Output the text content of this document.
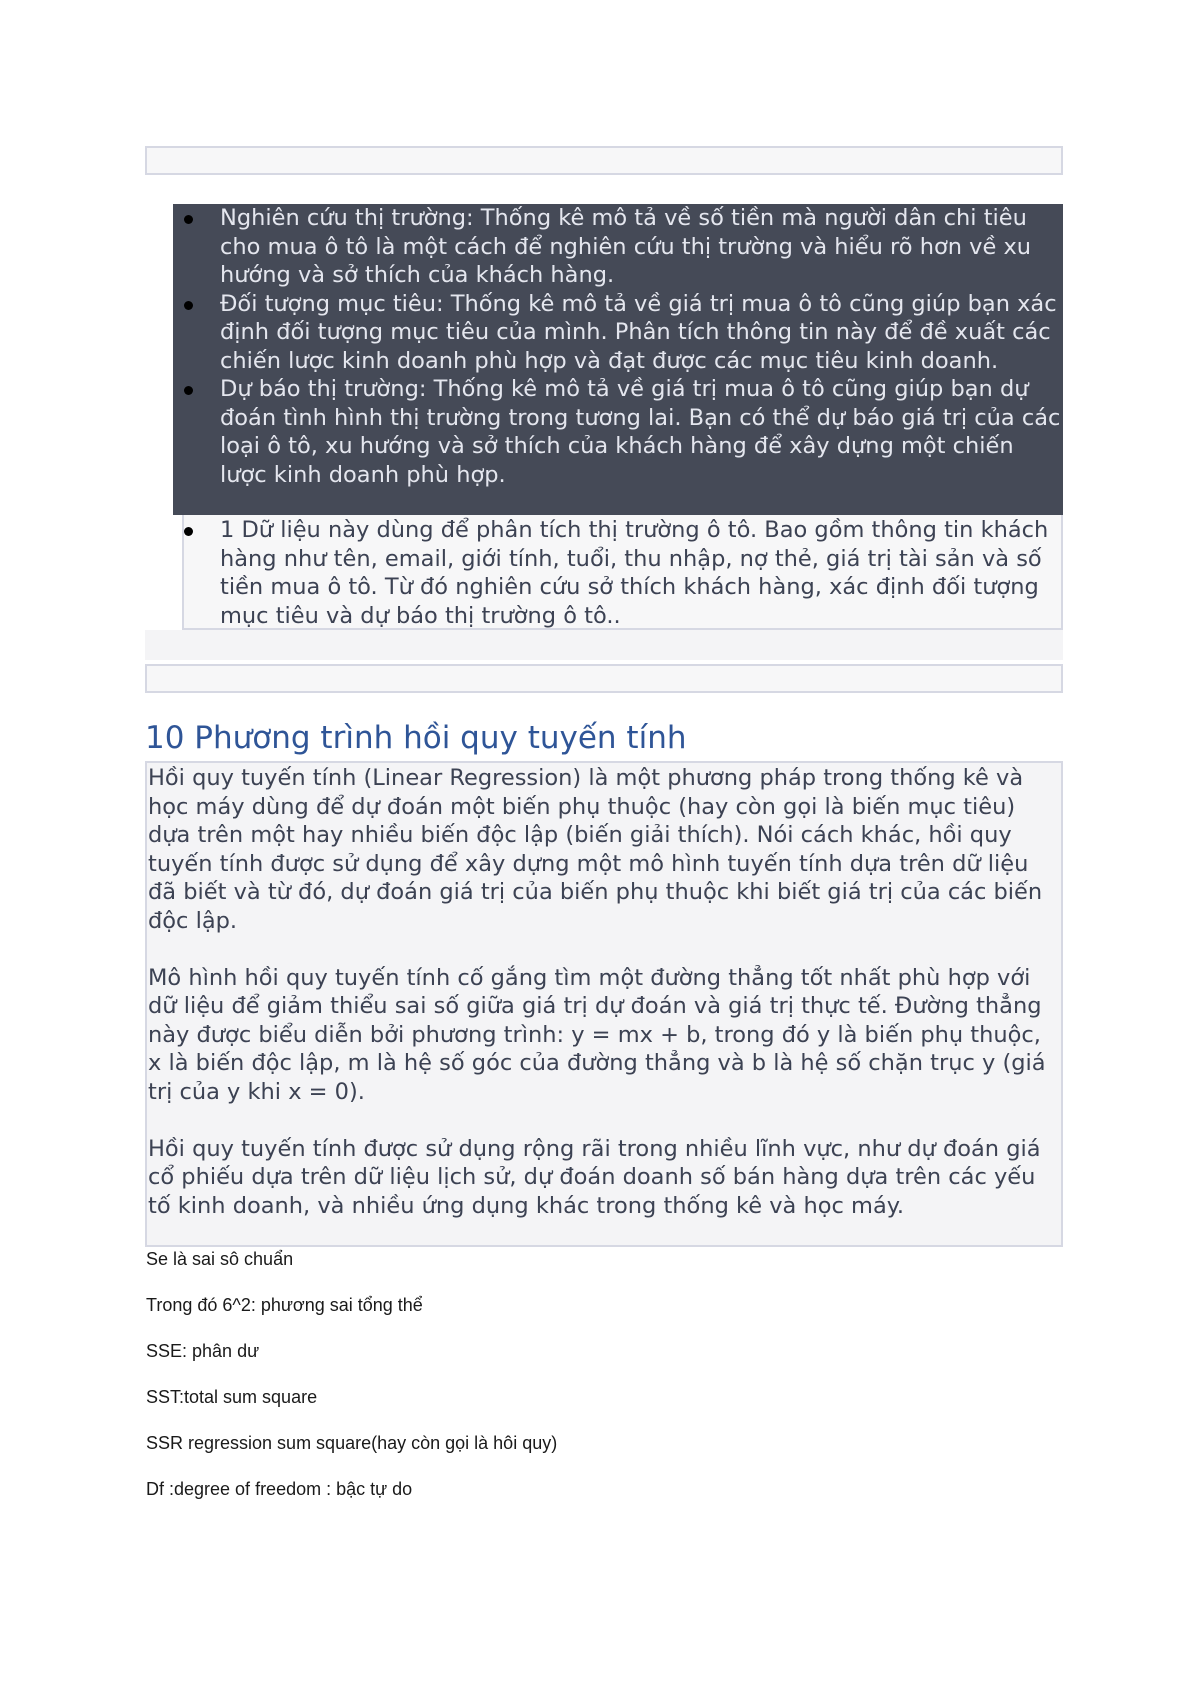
Nghiên cứu thị trường: Thống kê mô tả về số tiền mà người dân chi tiêu cho mua ô tô là một cách để nghiên cứu thị trường và hiểu rõ hơn về xu hướng và sở thích của khách hàng.
Đối tượng mục tiêu: Thống kê mô tả về giá trị mua ô tô cũng giúp bạn xác định đối tượng mục tiêu của mình. Phân tích thông tin này để đề xuất các chiến lược kinh doanh phù hợp và đạt được các mục tiêu kinh doanh.
Dự báo thị trường: Thống kê mô tả về giá trị mua ô tô cũng giúp bạn dự đoán tình hình thị trường trong tương lai. Bạn có thể dự báo giá trị của các loại ô tô, xu hướng và sở thích của khách hàng để xây dựng một chiến lược kinh doanh phù hợp.
1 Dữ liệu này dùng để phân tích thị trường ô tô. Bao gồm thông tin khách hàng như tên, email, giới tính, tuổi, thu nhập, nợ thẻ, giá trị tài sản và số tiền mua ô tô. Từ đó nghiên cứu sở thích khách hàng, xác định đối tượng mục tiêu và dự báo thị trường ô tô..
10 Phương trình hồi quy tuyến tính

Hồi quy tuyến tính (Linear Regression) là một phương pháp trong thống kê và học máy dùng để dự đoán một biến phụ thuộc (hay còn gọi là biến mục tiêu) dựa trên một hay nhiều biến độc lập (biến giải thích). Nói cách khác, hồi quy tuyến tính được sử dụng để xây dựng một mô hình tuyến tính dựa trên dữ liệu đã biết và từ đó, dự đoán giá trị của biến phụ thuộc khi biết giá trị của các biến độc lập.

Mô hình hồi quy tuyến tính cố gắng tìm một đường thẳng tốt nhất phù hợp với dữ liệu để giảm thiểu sai số giữa giá trị dự đoán và giá trị thực tế. Đường thẳng này được biểu diễn bởi phương trình: y = mx + b, trong đó y là biến phụ thuộc, x là biến độc lập, m là hệ số góc của đường thẳng và b là hệ số chặn trục y (giá trị của y khi x = 0).

Hồi quy tuyến tính được sử dụng rộng rãi trong nhiều lĩnh vực, như dự đoán giá cổ phiếu dựa trên dữ liệu lịch sử, dự đoán doanh số bán hàng dựa trên các yếu tố kinh doanh, và nhiều ứng dụng khác trong thống kê và học máy.

Se là sai sô chuẩn

Trong đó 6^2: phương sai tổng thể

SSE: phân dư

SST:total sum square

SSR regression sum square(hay còn gọi là hôi quy)

Df :degree of freedom : bậc tự do
